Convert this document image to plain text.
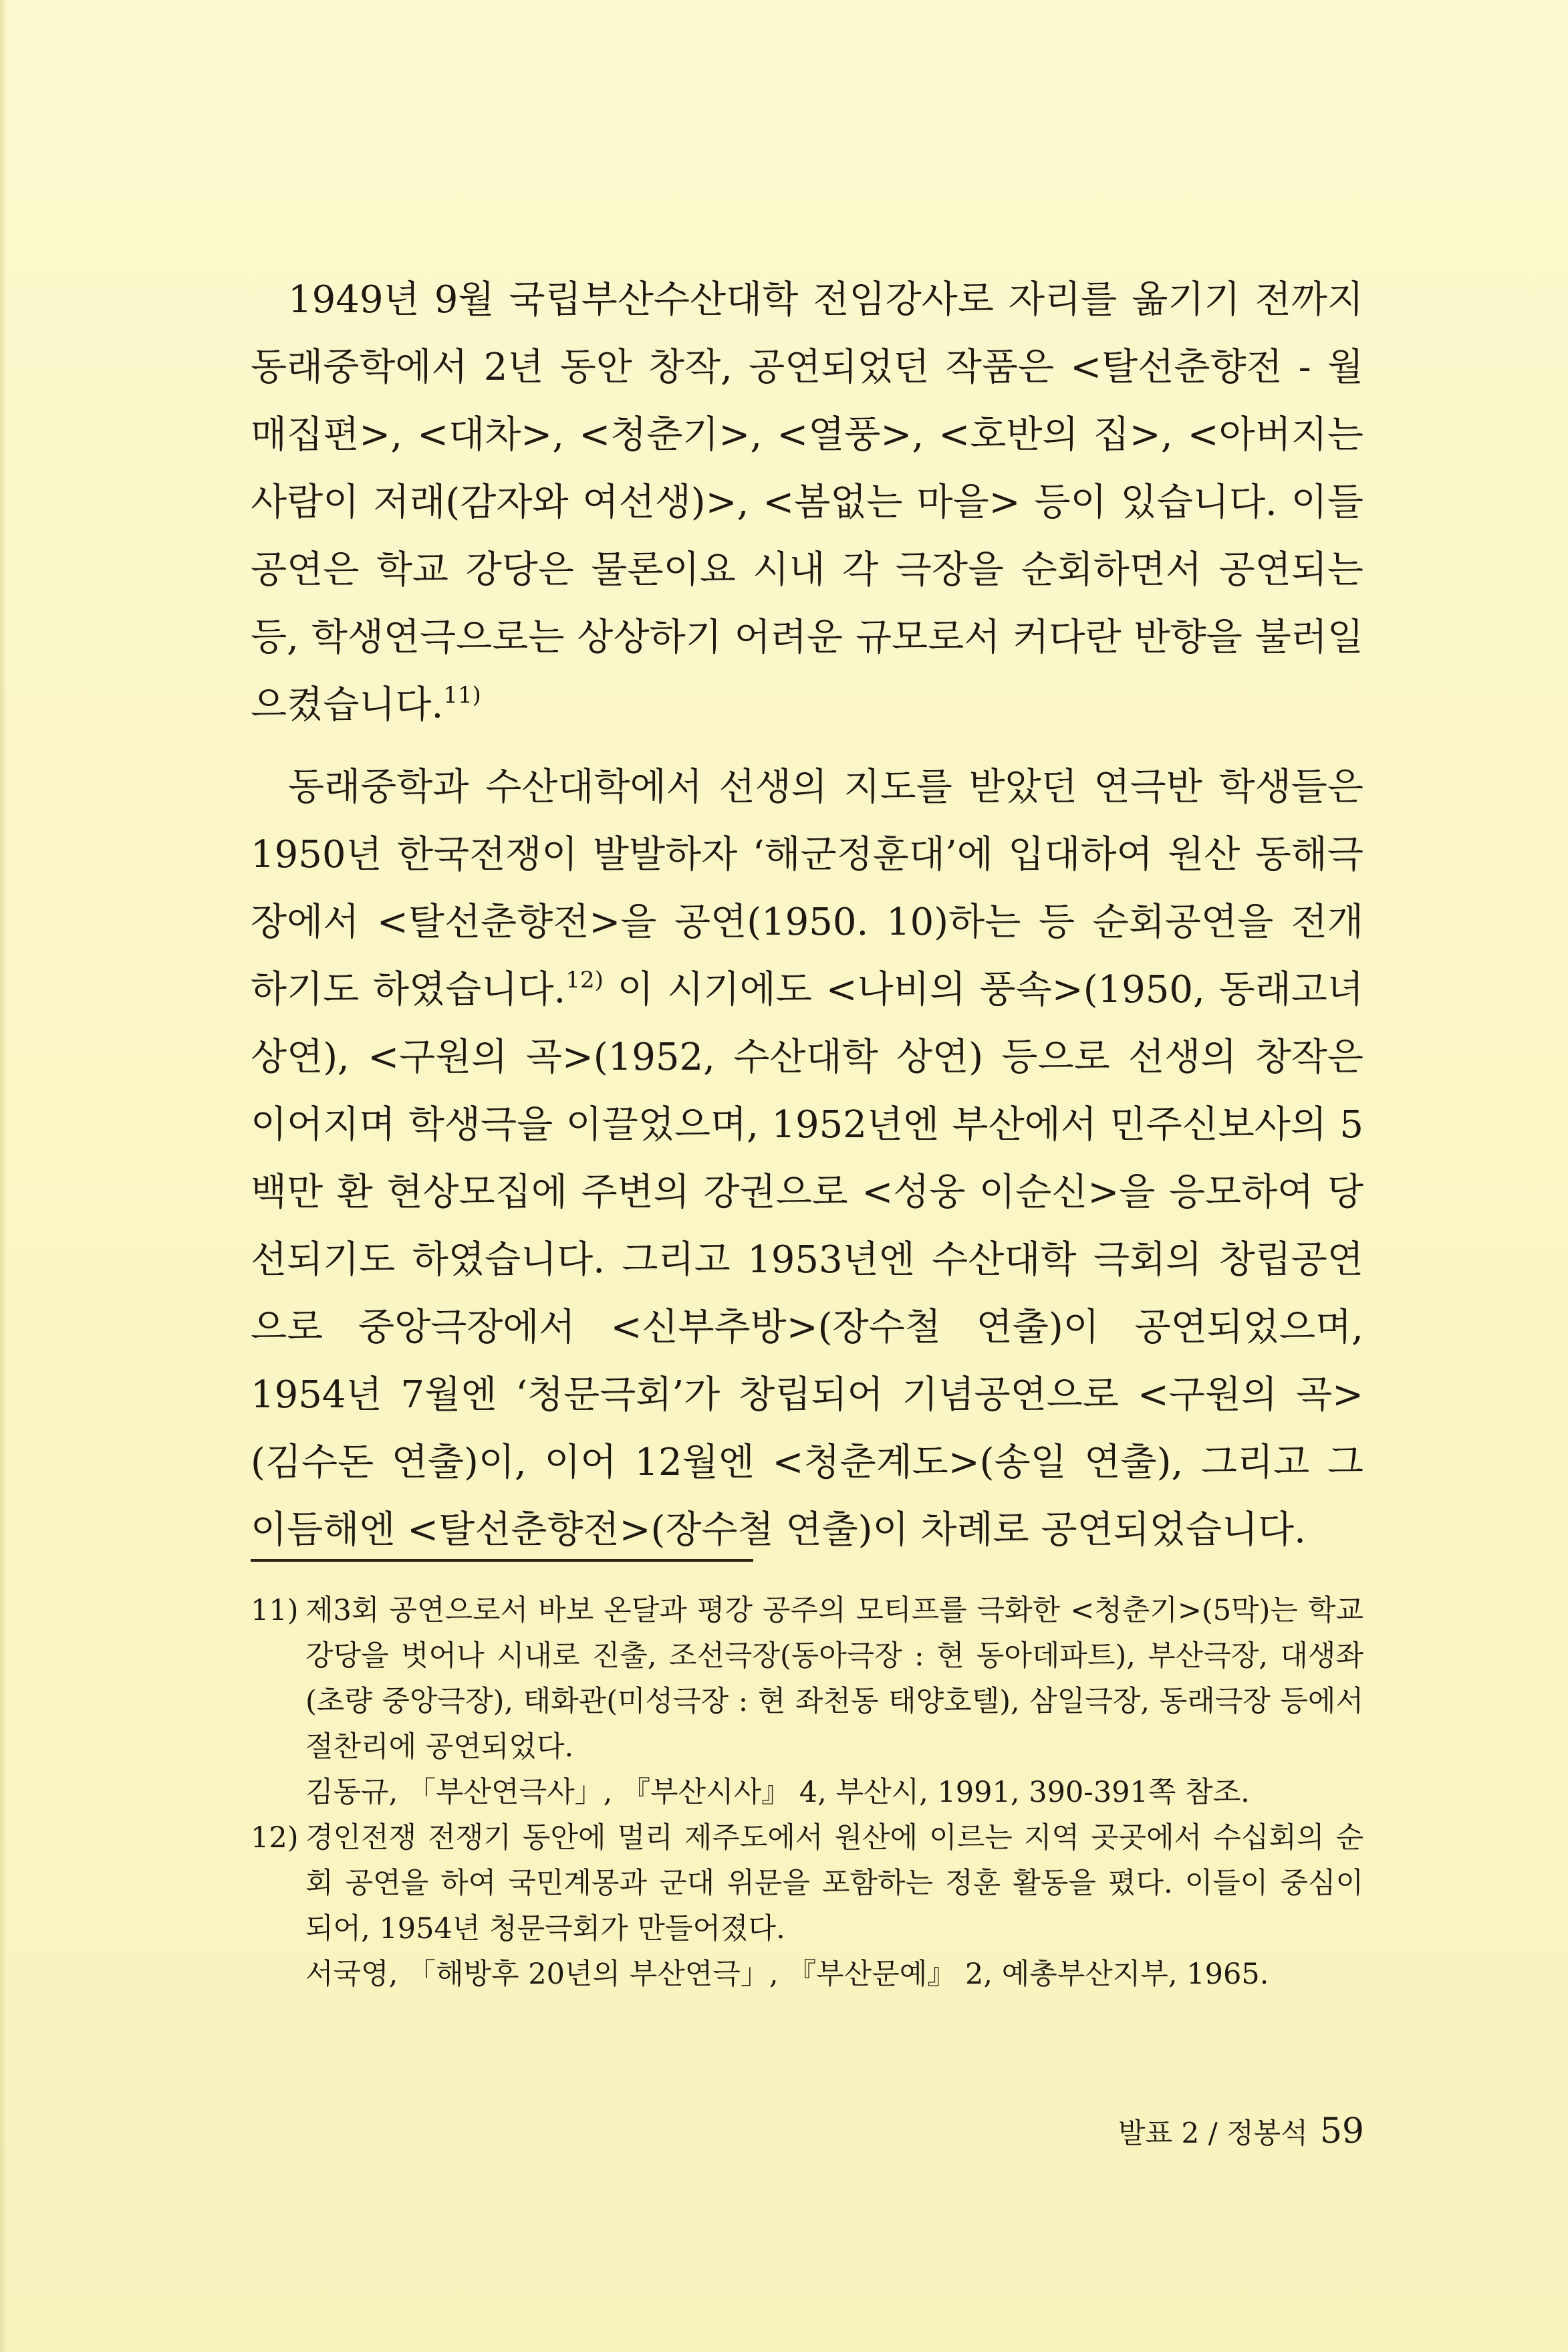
1949년 9월 국립부산수산대학 전임강사로 자리를 옮기기 전까지 동래중학에서 2년 동안 창작, 공연되었던 작품은 <탈선춘향전 - 월매집편>, <대차>, <청춘기>, <열풍>, <호반의 집>, <아버지는 사람이 저래(감자와 여선생)>, <봄없는 마을> 등이 있습니다. 이들 공연은 학교 강당은 물론이요 시내 각 극장을 순회하면서 공연되는 등, 학생연극으로는 상상하기 어려운 규모로서 커다란 반향을 불러일으켰습니다.$^{11)}$

동래중학과 수산대학에서 선생의 지도를 받았던 연극반 학생들은 1950년 한국전쟁이 발발하자 ‘해군정훈대’에 입대하여 원산 동해극장에서 <탈선춘향전>을 공연(1950. 10)하는 등 순회공연을 전개하기도 하였습니다.$^{12)}$ 이 시기에도 <나비의 풍속>(1950, 동래고녀 상연), <구원의 곡>(1952, 수산대학 상연) 등으로 선생의 창작은 이어지며 학생극을 이끌었으며, 1952년엔 부산에서 민주신보사의 5백만 환 현상모집에 주변의 강권으로 <성웅 이순신>을 응모하여 당선되기도 하였습니다. 그리고 1953년엔 수산대학 극회의 창립공연으로 중앙극장에서 <신부추방>(장수철 연출)이 공연되었으며, 1954년 7월엔 ‘청문극회’가 창립되어 기념공연으로 <구원의 곡>(김수돈 연출)이, 이어 12월엔 <청춘계도>(송일 연출), 그리고 그 이듬해엔 <탈선춘향전>(장수철 연출)이 차례로 공연되었습니다.

11) 제3회 공연으로서 바보 온달과 평강 공주의 모티프를 극화한 <청춘기>(5막)는 학교 강당을 벗어나 시내로 진출, 조선극장(동아극장 : 현 동아데파트), 부산극장, 대생좌(초량 중앙극장), 태화관(미성극장 : 현 좌천동 태양호텔), 삼일극장, 동래극장 등에서 절찬리에 공연되었다.
김동규, 「부산연극사」, 『부산시사』 4, 부산시, 1991, 390-391쪽 참조.
12) 경인전쟁 전쟁기 동안에 멀리 제주도에서 원산에 이르는 지역 곳곳에서 수십회의 순회 공연을 하여 국민계몽과 군대 위문을 포함하는 정훈 활동을 폈다. 이들이 중심이 되어, 1954년 청문극회가 만들어졌다.
서국영, 「해방후 20년의 부산연극」, 『부산문예』 2, 예총부산지부, 1965.
발표 2 / 정봉석 59
